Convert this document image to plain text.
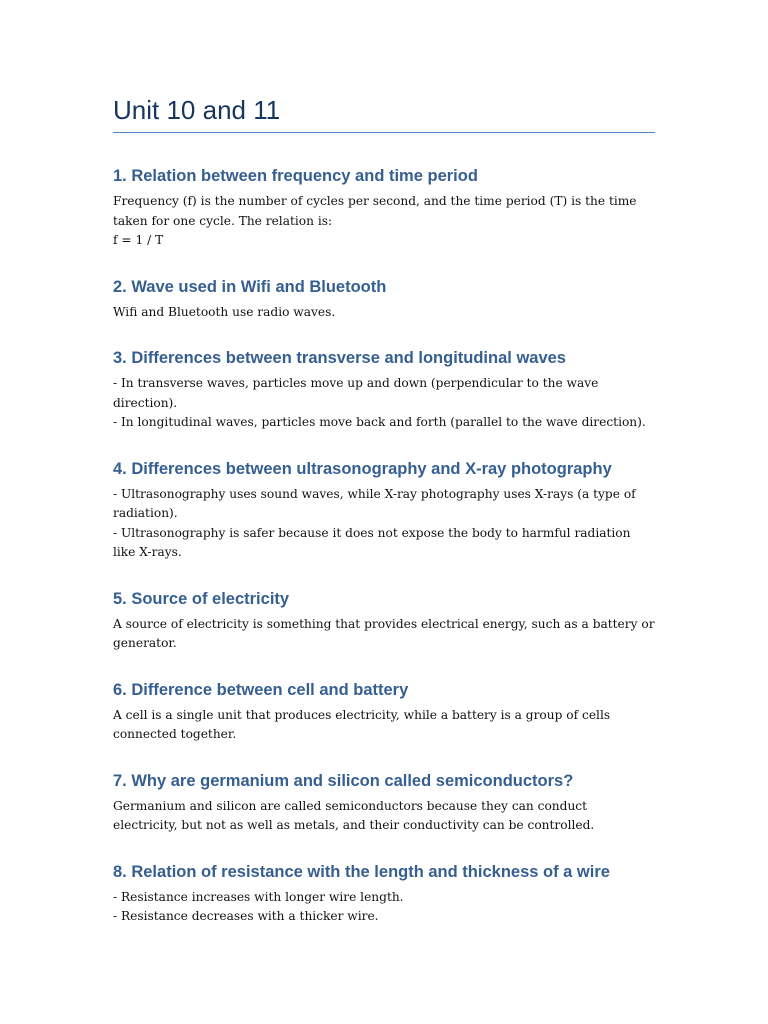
Unit 10 and 11
1. Relation between frequency and time period

Frequency (f) is the number of cycles per second, and the time period (T) is the time taken for one cycle. The relation is:

f = 1 / T

2. Wave used in Wifi and Bluetooth

Wifi and Bluetooth use radio waves.

3. Differences between transverse and longitudinal waves

- In transverse waves, particles move up and down (perpendicular to the wave direction).

- In longitudinal waves, particles move back and forth (parallel to the wave direction).

4. Differences between ultrasonography and X-ray photography

- Ultrasonography uses sound waves, while X-ray photography uses X-rays (a type of radiation).

- Ultrasonography is safer because it does not expose the body to harmful radiation like X-rays.

5. Source of electricity

A source of electricity is something that provides electrical energy, such as a battery or generator.

6. Difference between cell and battery

A cell is a single unit that produces electricity, while a battery is a group of cells connected together.

7. Why are germanium and silicon called semiconductors?

Germanium and silicon are called semiconductors because they can conduct electricity, but not as well as metals, and their conductivity can be controlled.

8. Relation of resistance with the length and thickness of a wire

- Resistance increases with longer wire length.

- Resistance decreases with a thicker wire.
